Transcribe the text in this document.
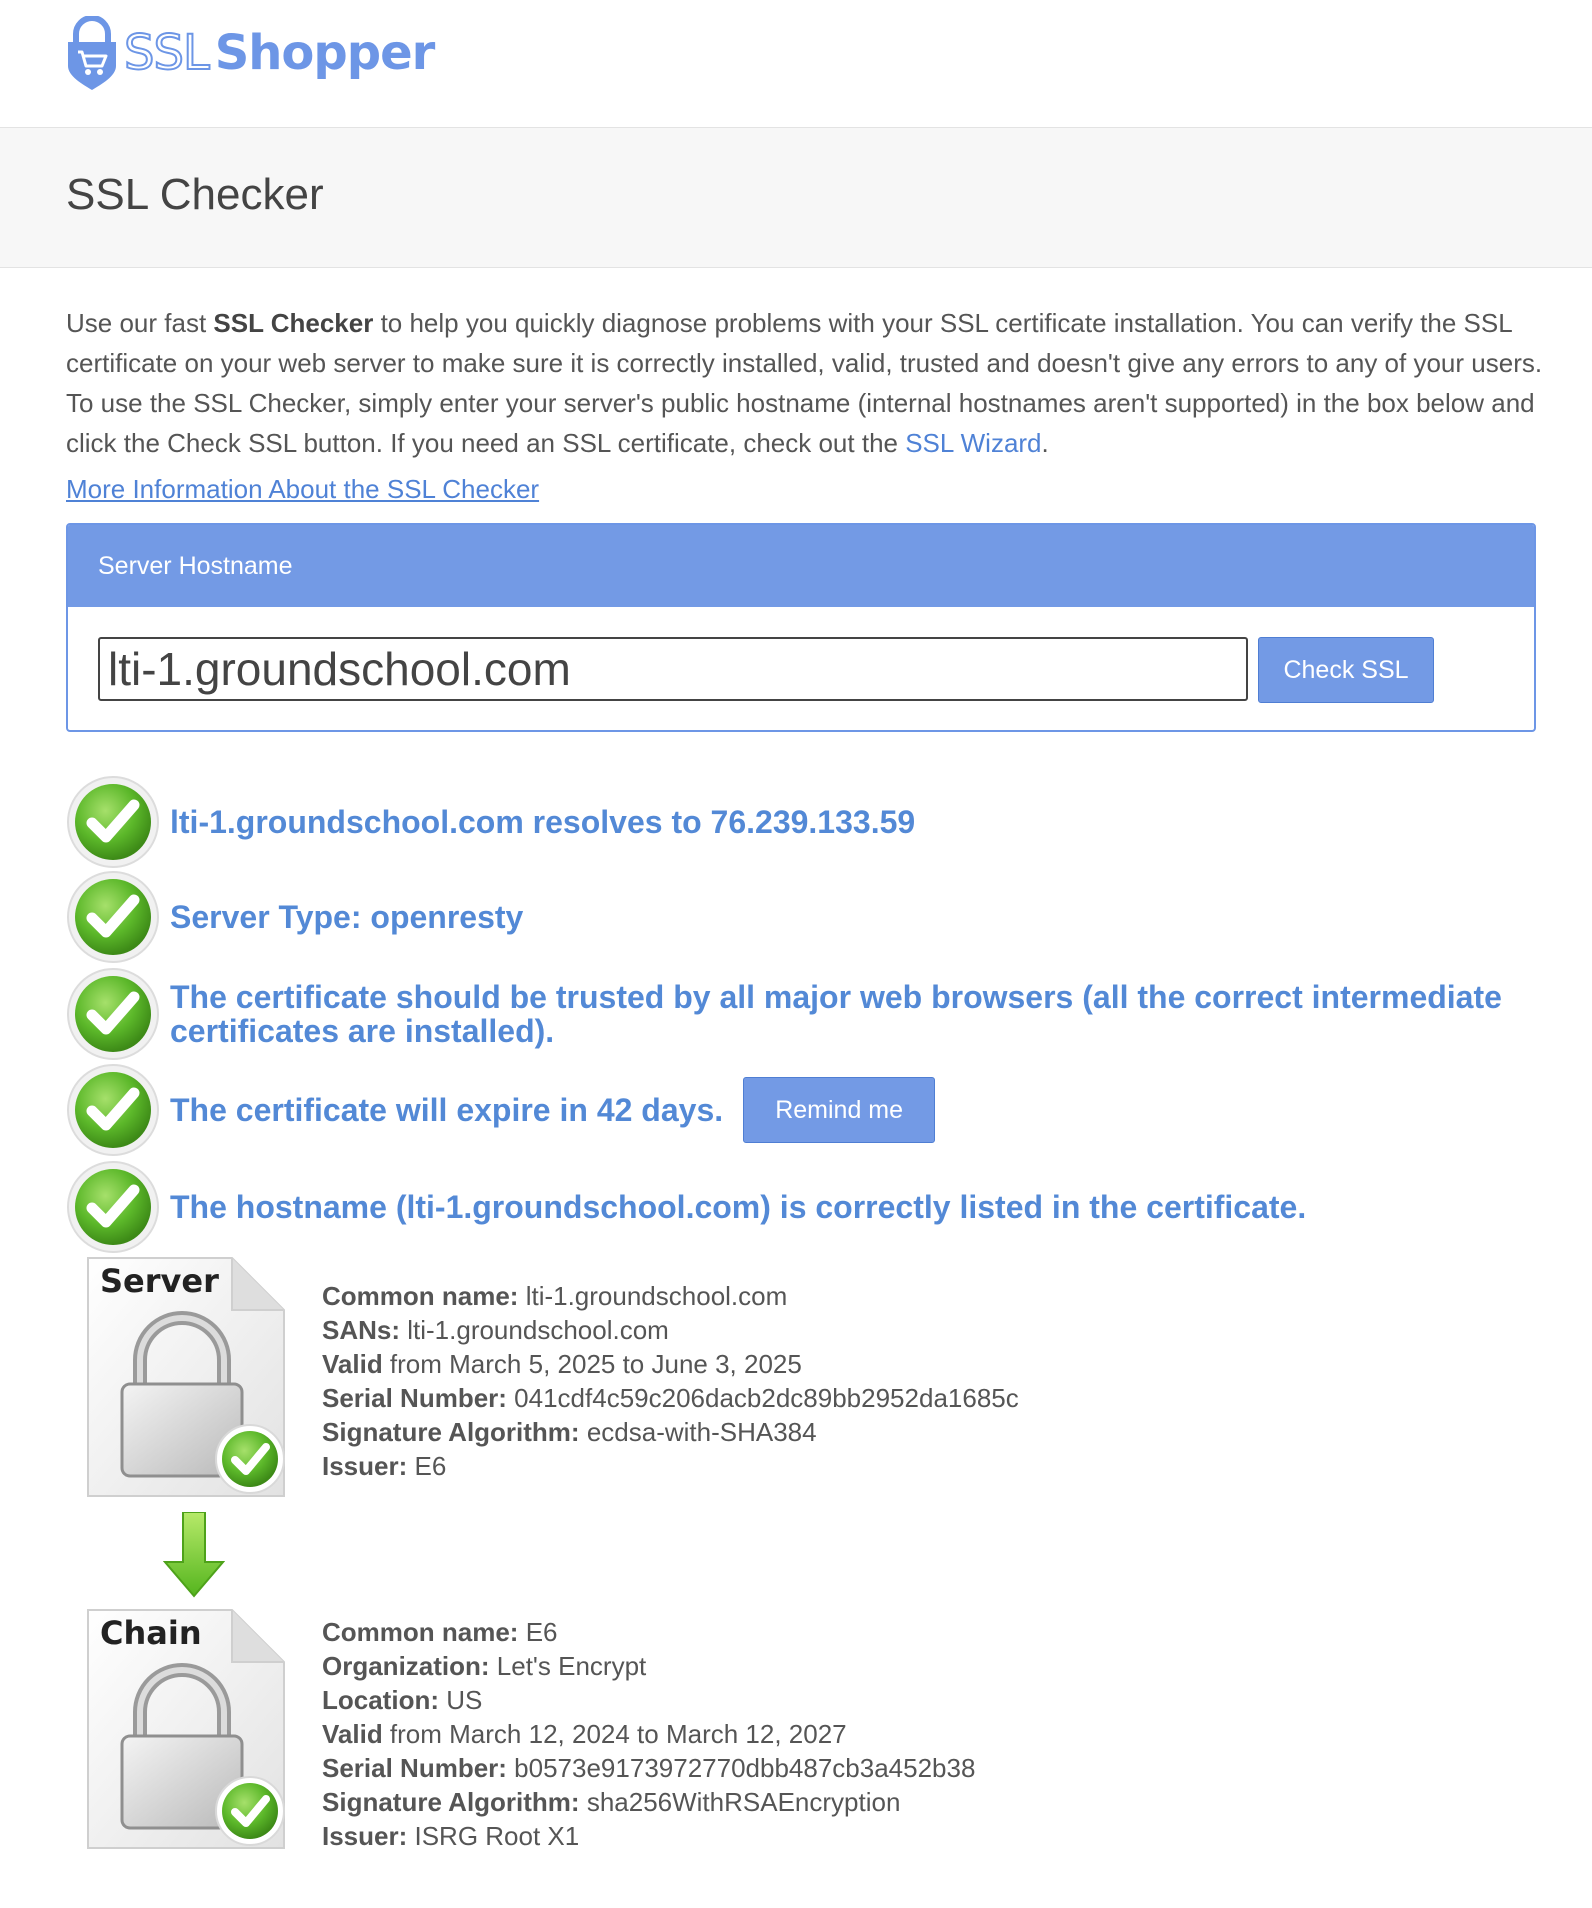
SSL Shopper
SSL Checker
Use our fast SSL Checker to help you quickly diagnose problems with your SSL certificate installation. You can verify the SSL certificate on your web server to make sure it is correctly installed, valid, trusted and doesn't give any errors to any of your users. To use the SSL Checker, simply enter your server's public hostname (internal hostnames aren't supported) in the box below and click the Check SSL button. If you need an SSL certificate, check out the SSL Wizard.
More Information About the SSL Checker
Server Hostname
lti-1.groundschool.com
Check SSL
lti-1.groundschool.com resolves to 76.239.133.59
Server Type: openresty
The certificate should be trusted by all major web browsers (all the correct intermediate certificates are installed).
The certificate will expire in 42 days.	Remind me
The hostname (lti-1.groundschool.com) is correctly listed in the certificate.
Server	Common name: lti-1.groundschool.com
SANs: lti-1.groundschool.com
Valid from March 5, 2025 to June 3, 2025
Serial Number: 041cdf4c59c206dacb2dc89bb2952da1685c
Signature Algorithm: ecdsa-with-SHA384
Issuer: E6
Chain	Common name: E6
Organization: Let's Encrypt
Location: US
Valid from March 12, 2024 to March 12, 2027
Serial Number: b0573e9173972770dbb487cb3a452b38
Signature Algorithm: sha256WithRSAEncryption
Issuer: ISRG Root X1
